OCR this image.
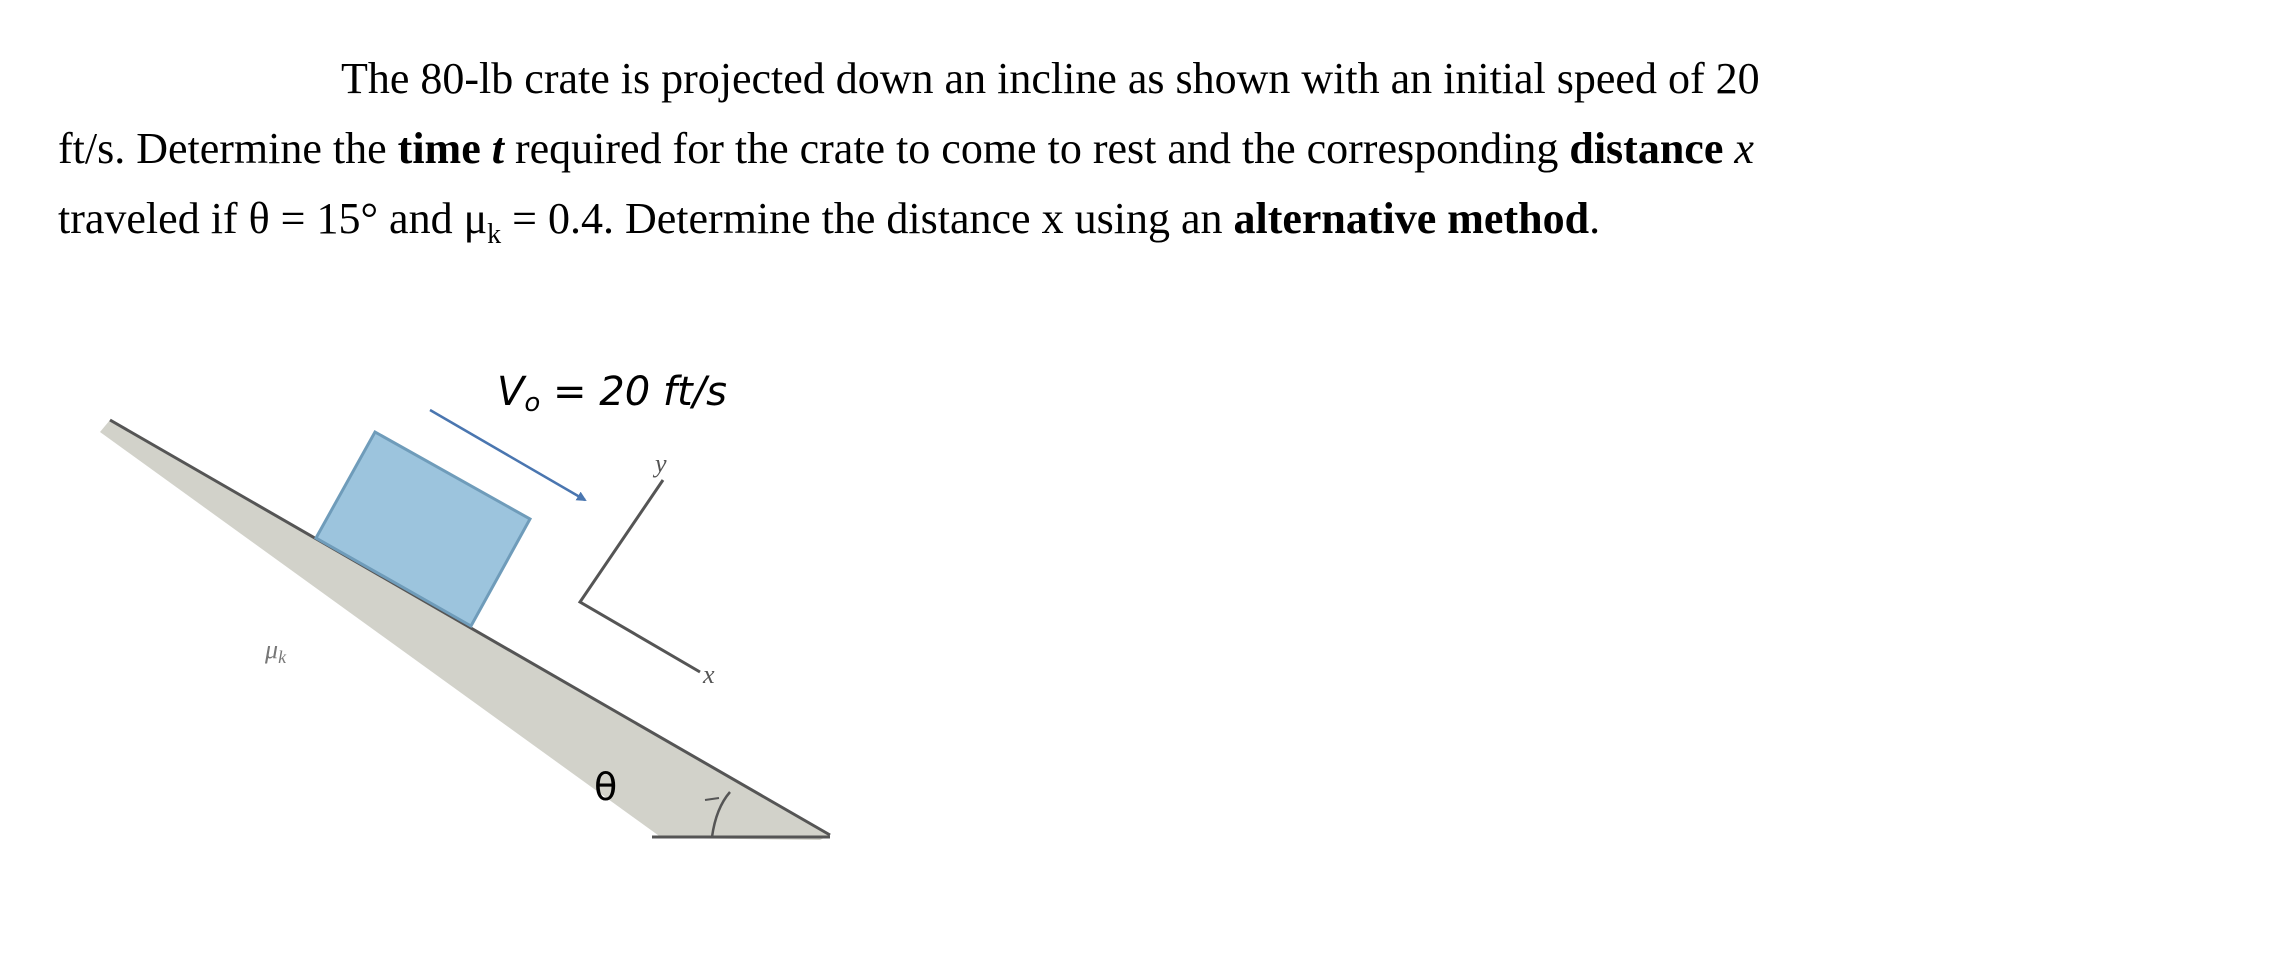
The 80-lb crate is projected down an incline as shown with an initial speed of 20
ft/s. Determine the time t required for the crate to come to rest and the corresponding distance x
traveled if θ = 15° and $\mu_k = 0.4$. Determine the distance x using an alternative method.
Vo = 20 ft/s
y
x
μk
θ
